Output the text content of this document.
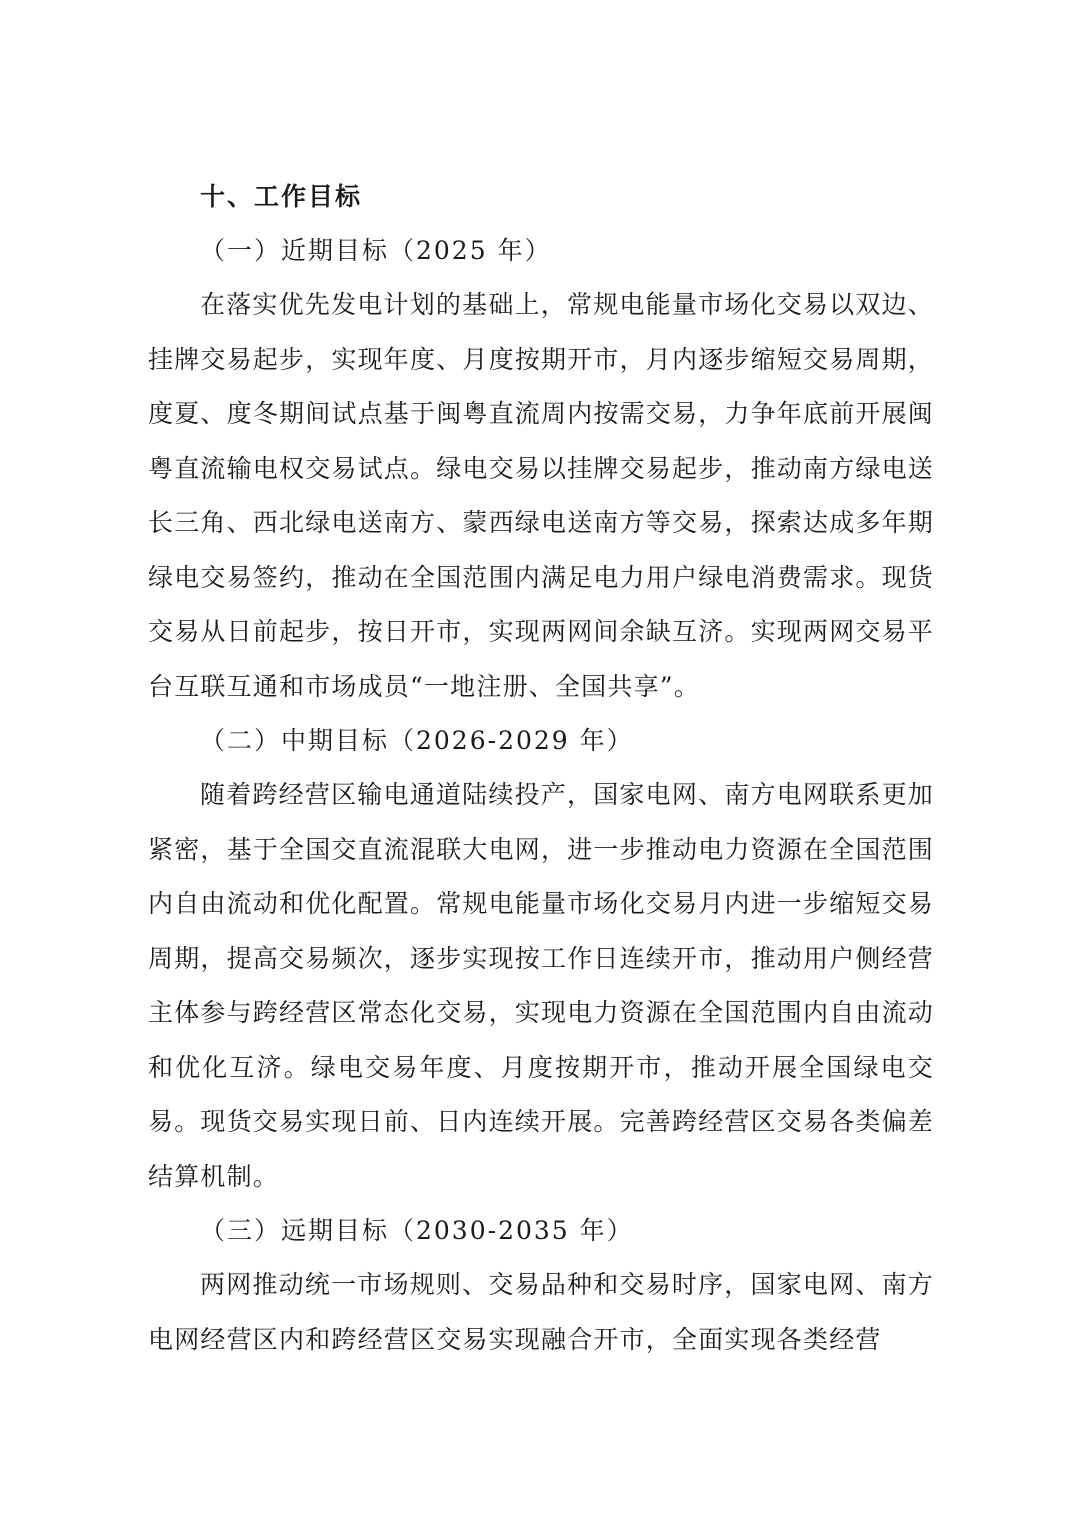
十、工作目标
（一）近期目标（2025 年）

在落实优先发电计划的基础上，常规电能量市场化交易以双边、挂牌交易起步，实现年度、月度按期开市，月内逐步缩短交易周期，度夏、度冬期间试点基于闽粤直流周内按需交易，力争年底前开展闽粤直流输电权交易试点。绿电交易以挂牌交易起步，推动南方绿电送长三角、西北绿电送南方、蒙西绿电送南方等交易，探索达成多年期绿电交易签约，推动在全国范围内满足电力用户绿电消费需求。现货交易从日前起步，按日开市，实现两网间余缺互济。实现两网交易平台互联互通和市场成员“一地注册、全国共享”。

（二）中期目标（2026-2029 年）

随着跨经营区输电通道陆续投产，国家电网、南方电网联系更加紧密，基于全国交直流混联大电网，进一步推动电力资源在全国范围内自由流动和优化配置。常规电能量市场化交易月内进一步缩短交易周期，提高交易频次，逐步实现按工作日连续开市，推动用户侧经营主体参与跨经营区常态化交易，实现电力资源在全国范围内自由流动和优化互济。绿电交易年度、月度按期开市，推动开展全国绿电交易。现货交易实现日前、日内连续开展。完善跨经营区交易各类偏差结算机制。

（三）远期目标（2030-2035 年）

两网推动统一市场规则、交易品种和交易时序，国家电网、南方电网经营区内和跨经营区交易实现融合开市，全面实现各类经营
